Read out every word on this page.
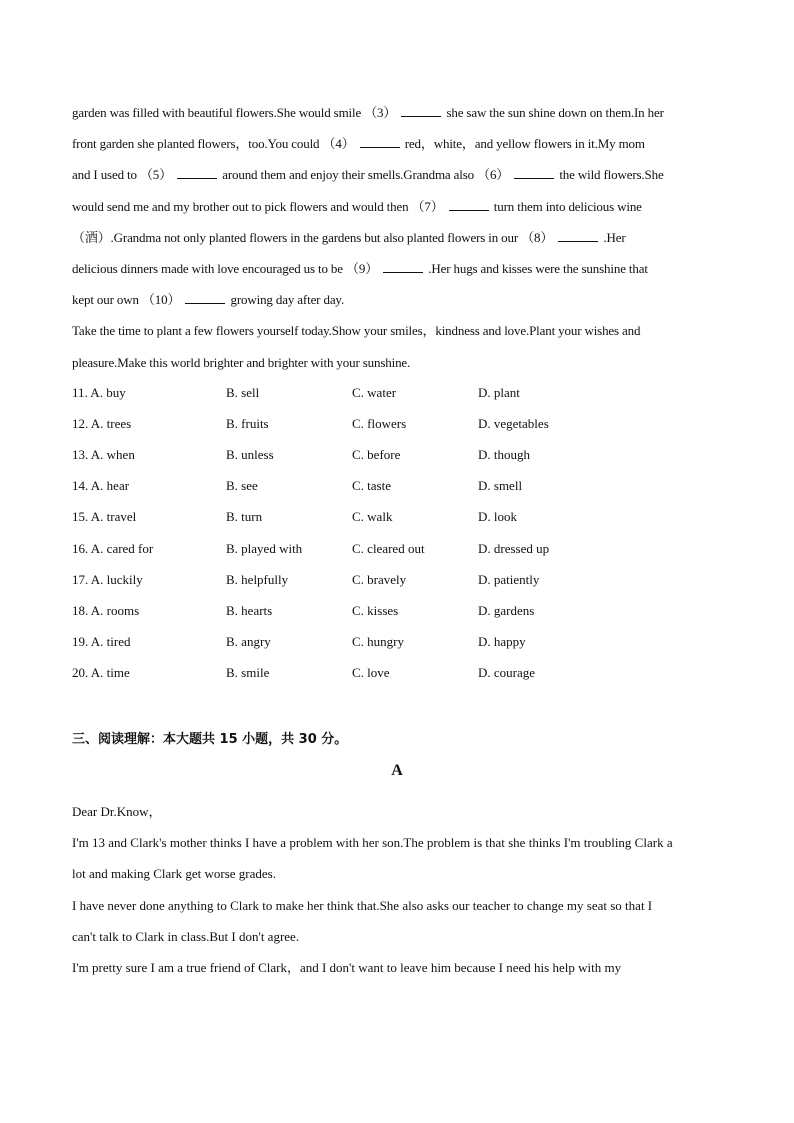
garden was filled with beautiful flowers.She would smile （3）	she saw the sun shine down on them.In her
front garden she planted flowers，too.You could （4）	red，white，and yellow flowers in it.My mom
and I used to （5）	around them and enjoy their smells.Grandma also （6）	the wild flowers.She
would send me and my brother out to pick flowers and would then （7）	turn them into delicious wine
（酒）.Grandma not only planted flowers in the gardens but also planted flowers in our （8）	.Her
delicious dinners made with love encouraged us to be （9）	.Her hugs and kisses were the sunshine that
kept our own （10）	growing day after day.
Take the time to plant a few flowers yourself today.Show your smiles，kindness and love.Plant your wishes and
pleasure.Make this world brighter and brighter with your sunshine.
11. A. buy	B. sell	C. water	D. plant
12. A. trees	B. fruits	C. flowers	D. vegetables
13. A. when	B. unless	C. before	D. though
14. A. hear	B. see	C. taste	D. smell
15. A. travel	B. turn	C. walk	D. look
16. A. cared for	B. played with	C. cleared out	D. dressed up
17. A. luckily	B. helpfully	C. bravely	D. patiently
18. A. rooms	B. hearts	C. kisses	D. gardens
19. A. tired	B. angry	C. hungry	D. happy
20. A. time	B. smile	C. love	D. courage
三、阅读理解：本大题共 15 小题，共 30 分。
A
Dear Dr.Know，
I'm 13 and Clark's mother thinks I have a problem with her son.The problem is that she thinks I'm troubling Clark a
lot and making Clark get worse grades.
I have never done anything to Clark to make her think that.She also asks our teacher to change my seat so that I
can't talk to Clark in class.But I don't agree.
I'm pretty sure I am a true friend of Clark，and I don't want to leave him because I need his help with my
